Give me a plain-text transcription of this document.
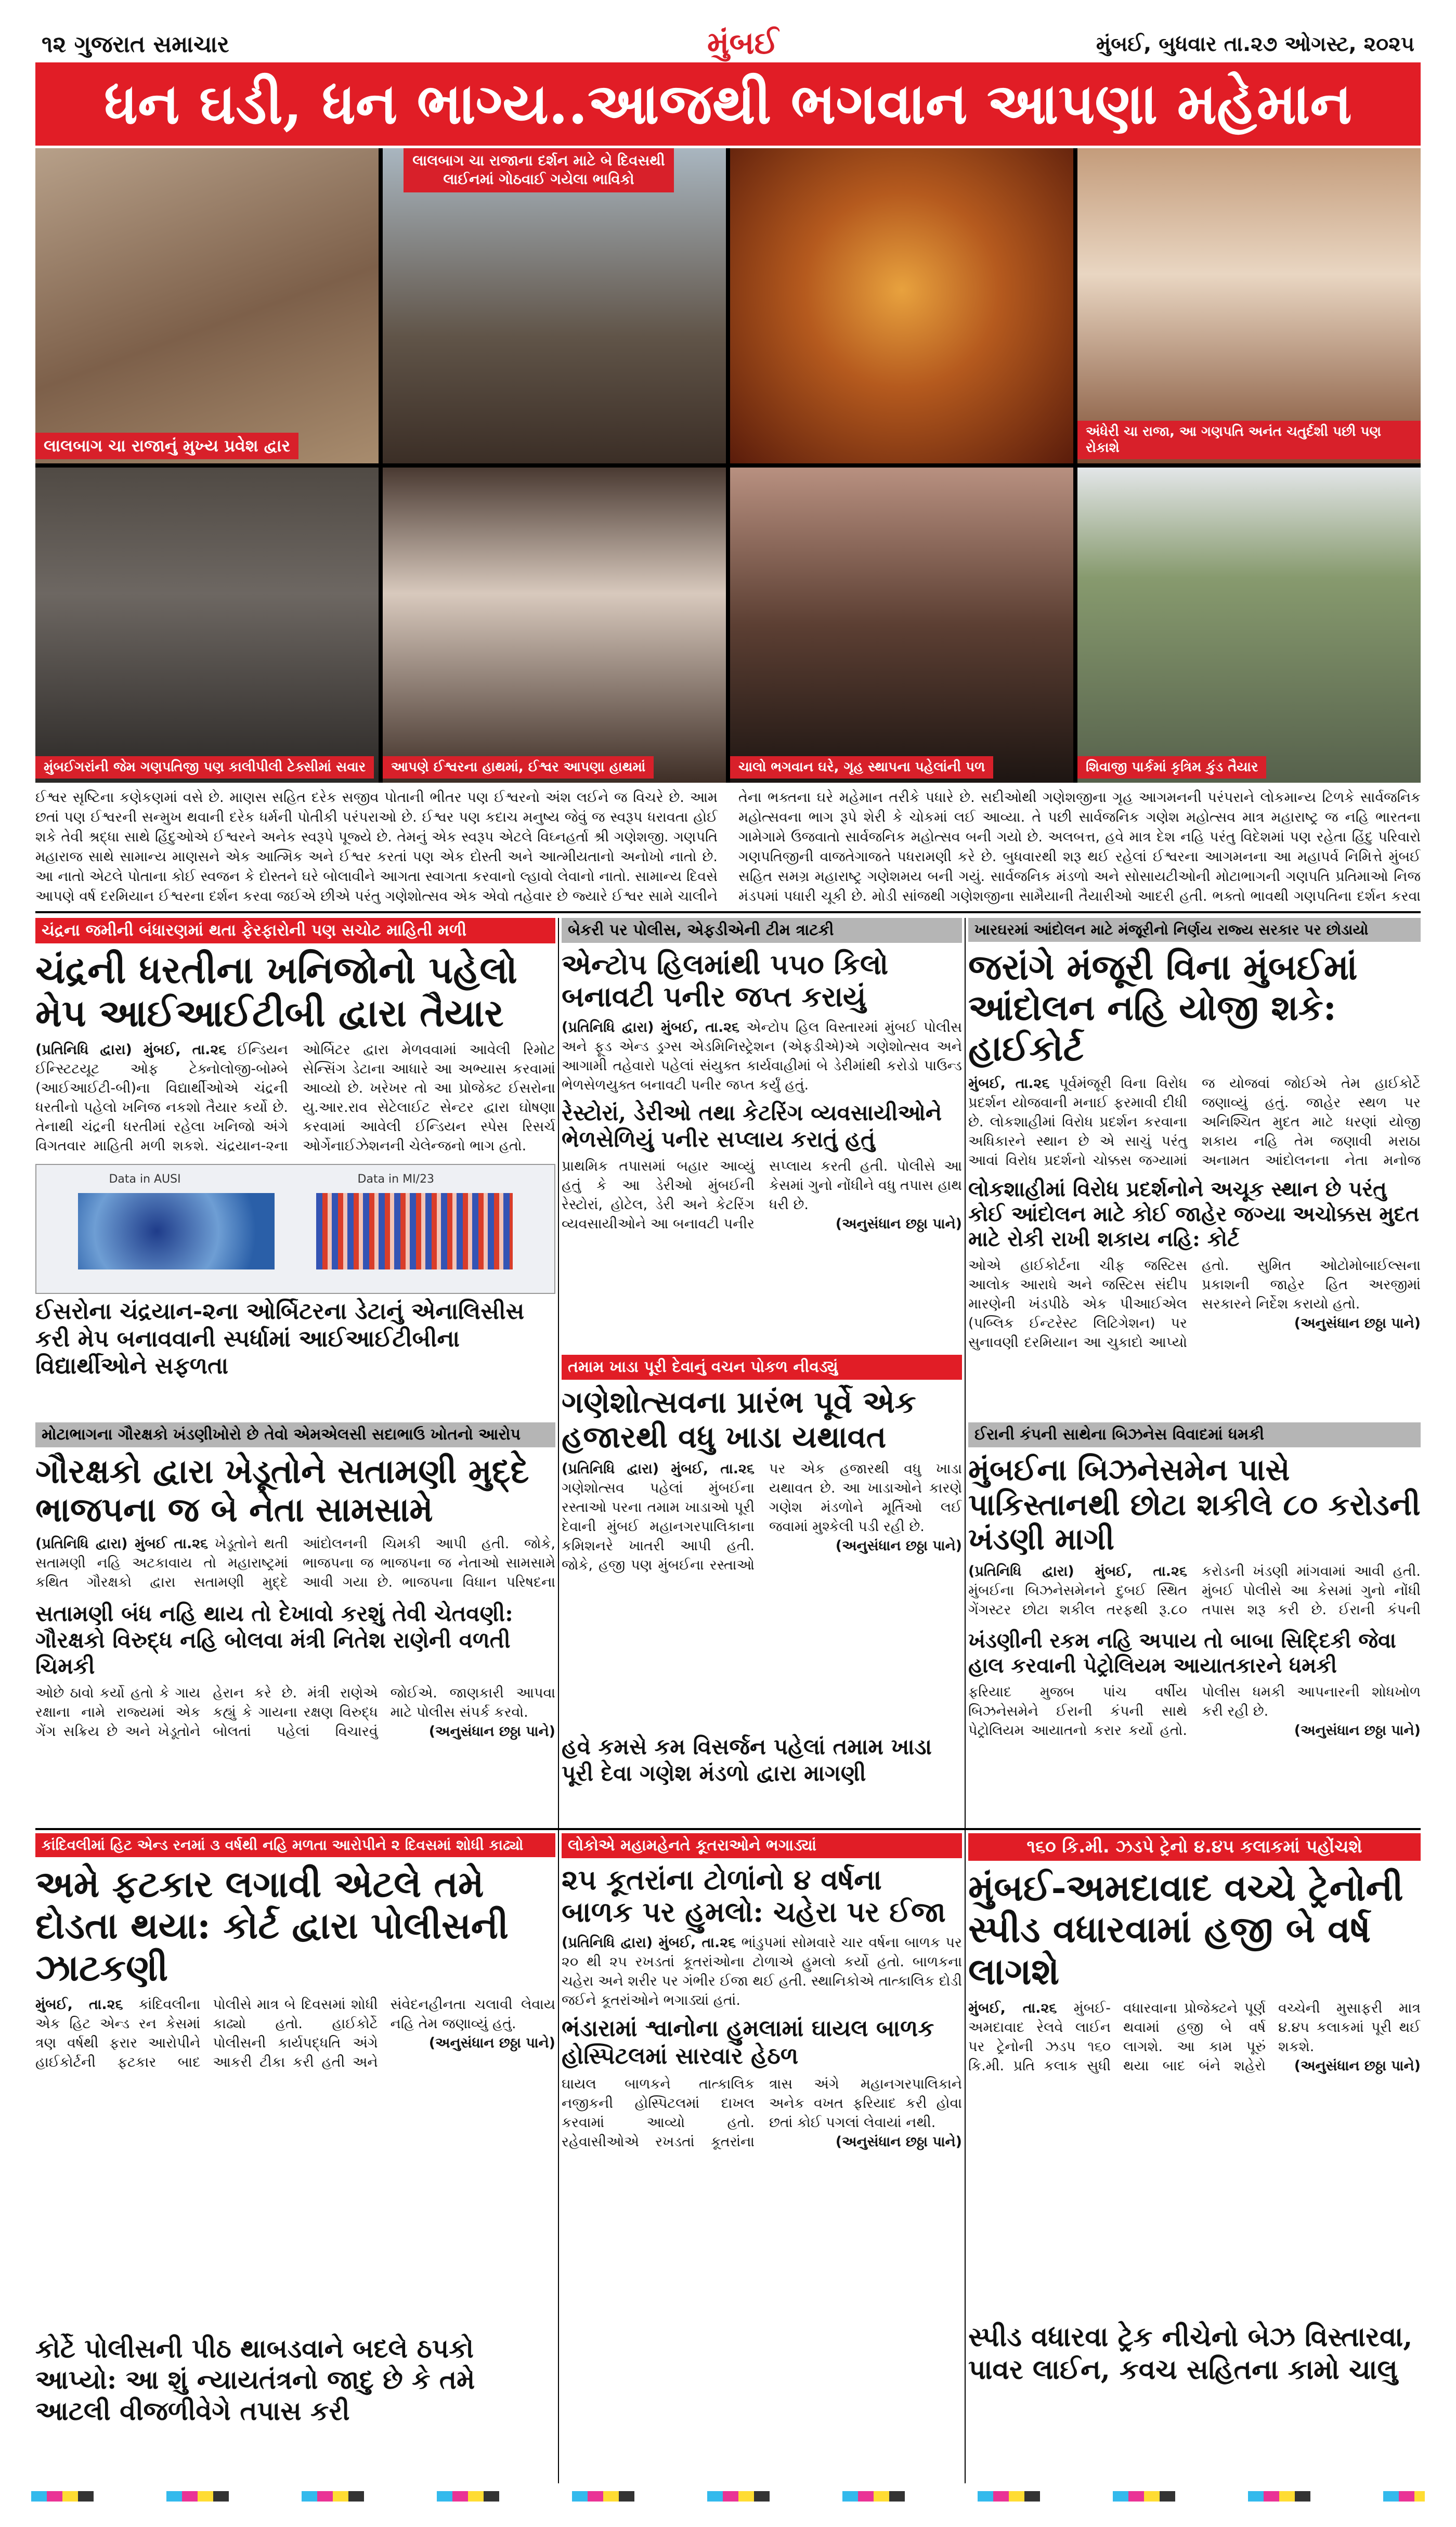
૧૨ ગુજરાત સમાચાર	મુંબઈ	મુંબઈ, બુધવાર તા.૨૭ ઓગસ્ટ, ૨૦૨૫
ધન ઘડી, ધન ભાગ્ય..આજથી ભગવાન આપણા મહેમાન
લાલબાગ ચા રાજાનું મુખ્ય પ્રવેશ દ્વાર
લાલબાગ ચા રાજાના દર્શન માટે બે દિવસથી લાઈનમાં ગોઠવાઈ ગયેલા ભાવિકો
અંધેરી ચા રાજા, આ ગણપતિ અનંત ચતુર્દશી પછી પણ રોકાશે
મુંબઈગરાંની જેમ ગણપતિજી પણ કાલીપીલી ટેક્સીમાં સવાર	આપણે ઈશ્વરના હાથમાં, ઈશ્વર આપણા હાથમાં	ચાલો ભગવાન ઘરે, ગૃહ સ્થાપના પહેલાંની પળ	શિવાજી પાર્કમાં કૃત્રિમ કુંડ તૈયાર
ઈશ્વર સૃષ્ટિના કણેકણમાં વસે છે. માણસ સહિત દરેક સજીવ પોતાની ભીતર પણ ઈશ્વરનો અંશ લઈને જ વિચરે છે. આમ છતાં પણ ઈશ્વરની સન્મુખ થવાની દરેક ધર્મની પોતીકી પરંપરાઓ છે. ઈશ્વર પણ કદાચ મનુષ્ય જેવું જ સ્વરૂપ ધરાવતા હોઈ શકે તેવી શ્રદ્ધા સાથે હિંદુઓએ ઈશ્વરને અનેક સ્વરૂપે પૂજ્યે છે. તેમનું એક સ્વરૂપ એટલે વિઘ્નહર્તા શ્રી ગણેશજી. ગણપતિ મહારાજ સાથે સામાન્ય માણસને એક આત્મિક અને ઈશ્વર કરતાં પણ એક દોસ્તી અને આત્મીયતાનો અનોખો નાતો છે. આ નાતો એટલે પોતાના કોઈ સ્વજન કે દોસ્તને ઘરે બોલાવીને આગતા સ્વાગતા કરવાનો લ્હાવો લેવાનો નાતો. સામાન્ય દિવસે આપણે વર્ષ દરમિયાન ઈશ્વરના દર્શન કરવા જઈએ છીએ પરંતુ ગણેશોત્સવ એક એવો તહેવાર છે જ્યારે ઈશ્વર સામે ચાલીને તેના ભક્તના ઘરે મહેમાન તરીકે પધારે છે. સદીઓથી ગણેશજીના ગૃહ આગમનની પરંપરાને લોકમાન્ય ટિળકે સાર્વજનિક મહોત્સવના ભાગ રૂપે શેરી કે ચોકમાં લઈ આવ્યા. તે પછી સાર્વજનિક ગણેશ મહોત્સવ માત્ર મહારાષ્ટ્ર જ નહિ ભારતના ગામેગામે ઉજવાતો સાર્વજનિક મહોત્સવ બની ગયો છે. અલબત્ત, હવે માત્ર દેશ નહિ પરંતુ વિદેશમાં પણ રહેતા હિંદુ પરિવારો ગણપતિજીની વાજતેગાજતે પધરામણી કરે છે. બુધવારથી શરૂ થઈ રહેલાં ઈશ્વરના આગમનના આ મહાપર્વ નિમિત્તે મુંબઈ સહિત સમગ્ર મહારાષ્ટ્ર ગણેશમય બની ગયું. સાર્વજનિક મંડળો અને સોસાયટીઓની મોટાભાગની ગણપતિ પ્રતિમાઓ નિજ મંડપમાં પધારી ચૂકી છે. મોડી સાંજથી ગણેશજીના સામૈયાની તૈયારીઓ આદરી હતી. ભક્તો ભાવથી ગણપતિના દર્શન કરવા
ચંદ્રના જમીની બંધારણમાં થતા ફેરફારોની પણ સચોટ માહિતી મળી
ચંદ્રની ધરતીના ખનિજોનો પહેલો મેપ આઈઆઈટીબી દ્વારા તૈયાર
(પ્રતિનિધિ દ્વારા) મુંબઈ, તા.૨૬ ઈન્ડિયન ઈન્સ્ટિટયૂટ ઓફ ટેક્નોલોજી-બોમ્બે (આઈઆઈટી-બી)ના વિદ્યાર્થીઓએ ચંદ્રની ધરતીનો પહેલો ખનિજ નકશો તૈયાર કર્યો છે. તેનાથી ચંદ્રની ધરતીમાં રહેલા ખનિજો અંગે વિગતવાર માહિતી મળી શકશે. ચંદ્રયાન-૨ના ઓર્બિટર દ્વારા મેળવવામાં આવેલી રિમોટ સેન્સિંગ ડેટાના આધારે આ અભ્યાસ કરવામાં આવ્યો છે. ખરેખર તો આ પ્રોજેક્ટ ઈસરોના યુ.આર.રાવ સેટેલાઈટ સેન્ટર દ્વારા ઘોષણા કરવામાં આવેલી ઈન્ડિયન સ્પેસ રિસર્ચ ઓર્ગેનાઈઝેશનની ચેલેન્જનો ભાગ હતો.
Data in AUSI	Data in MI/23
ઈસરોના ચંદ્રયાન-૨ના ઓર્બિટરના ડેટાનું એનાલિસીસ કરી મેપ બનાવવાની સ્પર્ધામાં આઈઆઈટીબીના વિદ્યાર્થીઓને સફળતા
બેકરી પર પોલીસ, એફડીએની ટીમ ત્રાટકી
એન્ટોપ હિલમાંથી ૫૫૦ કિલો બનાવટી પનીર જપ્ત કરાયું
(પ્રતિનિધિ દ્વારા) મુંબઈ, તા.૨૬ એન્ટોપ હિલ વિસ્તારમાં મુંબઈ પોલીસ અને ફૂડ એન્ડ ડ્રગ્સ એડમિનિસ્ટ્રેશન (એફડીએ)એ ગણેશોત્સવ અને આગામી તહેવારો પહેલાં સંયુક્ત કાર્યવાહીમાં બે ડેરીમાંથી કરોડો પાઉન્ડ ભેળસેળયુક્ત બનાવટી પનીર જપ્ત કર્યું હતું.
રેસ્ટોરાં, ડેરીઓ તથા કેટરિંગ વ્યવસાયીઓને ભેળસેળિયું પનીર સપ્લાય કરાતું હતું
પ્રાથમિક તપાસમાં બહાર આવ્યું હતું કે આ ડેરીઓ મુંબઈની રેસ્ટોરાં, હોટેલ, ડેરી અને કેટરિંગ વ્યવસાયીઓને આ બનાવટી પનીર સપ્લાય કરતી હતી. પોલીસે આ કેસમાં ગુનો નોંધીને વધુ તપાસ હાથ ધરી છે.
(અનુસંધાન છઠ્ઠા પાને)
ખારઘરમાં આંદોલન માટે મંજૂરીનો નિર્ણય રાજ્ય સરકાર પર છોડાયો
જરાંગે મંજૂરી વિના મુંબઈમાં આંદોલન નહિ યોજી શકે: હાઈકોર્ટ
મુંબઈ, તા.૨૬ પૂર્વમંજૂરી વિના વિરોધ પ્રદર્શન યોજવાની મનાઈ ફરમાવી દીધી છે. લોકશાહીમાં વિરોધ પ્રદર્શન કરવાના અધિકારને સ્થાન છે એ સાચું પરંતુ આવાં વિરોધ પ્રદર્શનો ચોક્કસ જગ્યામાં જ યોજવાં જોઈએ તેમ હાઈકોર્ટે જણાવ્યું હતું. જાહેર સ્થળ પર અનિશ્ચિત મુદત માટે ધરણાં યોજી શકાય નહિ તેમ જણાવી મરાઠા અનામત આંદોલનના નેતા મનોજ
લોકશાહીમાં વિરોધ પ્રદર્શનોને અચૂક સ્થાન છે પરંતુ કોઈ આંદોલન માટે કોઈ જાહેર જગ્યા અચોક્કસ મુદત માટે રોકી રાખી શકાય નહિ: કોર્ટ
ઓએ હાઈકોર્ટના ચીફ જસ્ટિસ આલોક આરાધે અને જસ્ટિસ સંદીપ મારણેની ખંડપીઠે એક પીઆઈએલ (પબ્લિક ઈન્ટરેસ્ટ લિટિગેશન) પર સુનાવણી દરમિયાન આ ચુકાદો આપ્યો હતો. સુમિત ઓટોમોબાઈલ્સના પ્રકાશની જાહેર હિત અરજીમાં સરકારને નિર્દેશ કરાયો હતો.
(અનુસંધાન છઠ્ઠા પાને)
તમામ ખાડા પૂરી દેવાનું વચન પોકળ નીવડ્યું
ગણેશોત્સવના પ્રારંભ પૂર્વે એક હજારથી વધુ ખાડા યથાવત
(પ્રતિનિધિ દ્વારા) મુંબઈ, તા.૨૬ ગણેશોત્સવ પહેલાં મુંબઈના રસ્તાઓ પરના તમામ ખાડાઓ પૂરી દેવાની મુંબઈ મહાનગરપાલિકાના કમિશનરે ખાતરી આપી હતી. જોકે, હજી પણ મુંબઈના રસ્તાઓ પર એક હજારથી વધુ ખાડા યથાવત છે. આ ખાડાઓને કારણે ગણેશ મંડળોને મૂર્તિઓ લઈ જવામાં મુશ્કેલી પડી રહી છે.
(અનુસંધાન છઠ્ઠા પાને)
હવે કમસે કમ વિસર્જન પહેલાં તમામ ખાડા પૂરી દેવા ગણેશ મંડળો દ્વારા માગણી
મોટાભાગના ગૌરક્ષકો ખંડણીખોરો છે તેવો એમએલસી સદાભાઉ ખોતનો આરોપ
ગૌરક્ષકો દ્વારા ખેડૂતોને સતામણી મુદ્દે ભાજપના જ બે નેતા સામસામે
(પ્રતિનિધિ દ્વારા) મુંબઈ તા.૨૬ ખેડૂતોને થતી સતામણી નહિ અટકાવાય તો મહારાષ્ટ્રમાં કથિત ગૌરક્ષકો દ્વારા સતામણી મુદ્દે આંદોલનની ચિમકી આપી હતી. જોકે, ભાજપના જ ભાજપના જ નેતાઓ સામસામે આવી ગયા છે. ભાજપના વિધાન પરિષદના
સતામણી બંધ નહિ થાય તો દેખાવો કરશું તેવી ચેતવણી: ગૌરક્ષકો વિરુદ્ધ નહિ બોલવા મંત્રી નિતેશ રાણેની વળતી ચિમકી
ઓછે ઠાવો કર્યો હતો કે ગાય રક્ષાના નામે રાજ્યમાં એક ગેંગ સક્રિય છે અને ખેડૂતોને હેરાન કરે છે. મંત્રી રાણેએ કહ્યું કે ગાયના રક્ષણ વિરુદ્ધ બોલતાં પહેલાં વિચારવું જોઈએ. જાણકારી આપવા માટે પોલીસ સંપર્ક કરવો.
(અનુસંધાન છઠ્ઠા પાને)
ઈરાની કંપની સાથેના બિઝનેસ વિવાદમાં ધમકી
મુંબઈના બિઝનેસમેન પાસે પાકિસ્તાનથી છોટા શકીલે ૮૦ કરોડની ખંડણી માગી
(પ્રતિનિધિ દ્વારા) મુંબઈ, તા.૨૬ મુંબઈના બિઝનેસમેનને દુબઈ સ્થિત ગેંગસ્ટર છોટા શકીલ તરફથી રૂ.૮૦ કરોડની ખંડણી માંગવામાં આવી હતી. મુંબઈ પોલીસે આ કેસમાં ગુનો નોંધી તપાસ શરૂ કરી છે. ઈરાની કંપની
ખંડણીની રકમ નહિ અપાય તો બાબા સિદ્દિકી જેવા હાલ કરવાની પેટ્રોલિયમ આયાતકારને ધમકી
ફરિયાદ મુજબ પાંચ વર્ષીય બિઝનેસમેને ઈરાની કંપની સાથે પેટ્રોલિયમ આયાતનો કરાર કર્યો હતો. પોલીસ ધમકી આપનારની શોધખોળ કરી રહી છે.
(અનુસંધાન છઠ્ઠા પાને)
કાંદિવલીમાં હિટ એન્ડ રનમાં ૩ વર્ષથી નહિ મળતા આરોપીને ૨ દિવસમાં શોધી કાઢ્યો
અમે ફટકાર લગાવી એટલે તમે દોડતા થયા: કોર્ટ દ્વારા પોલીસની ઝાટકણી
મુંબઈ, તા.૨૬ કાંદિવલીના એક હિટ એન્ડ રન કેસમાં ત્રણ વર્ષથી ફરાર આરોપીને હાઈકોર્ટની ફટકાર બાદ પોલીસે માત્ર બે દિવસમાં શોધી કાઢ્યો હતો. હાઈકોર્ટે પોલીસની કાર્યપદ્ધતિ અંગે આકરી ટીકા કરી હતી અને સંવેદનહીનતા ચલાવી લેવાય નહિ તેમ જણાવ્યું હતું.
(અનુસંધાન છઠ્ઠા પાને)
કોર્ટે પોલીસની પીઠ થાબડવાને બદલે ઠપકો આપ્યો: આ શું ન્યાયતંત્રનો જાદુ છે કે તમે આટલી વીજળીવેગે તપાસ કરી
લોકોએ મહામહેનતે કૂતરાઓને ભગાડ્યાં
૨૫ કૂતરાંના ટોળાંનો ૪ વર્ષના બાળક પર હુમલો: ચહેરા પર ઈજા
(પ્રતિનિધિ દ્વારા) મુંબઈ, તા.૨૬ ભાંડુપમાં સોમવારે ચાર વર્ષના બાળક પર ૨૦ થી ૨૫ રખડતાં કૂતરાંઓના ટોળાએ હુમલો કર્યો હતો. બાળકના ચહેરા અને શરીર પર ગંભીર ઈજા થઈ હતી. સ્થાનિકોએ તાત્કાલિક દોડી જઈને કૂતરાંઓને ભગાડ્યાં હતાં.
ભંડારામાં શ્વાનોના હુમલામાં ઘાયલ બાળક હોસ્પિટલમાં સારવાર હેઠળ
ઘાયલ બાળકને તાત્કાલિક નજીકની હોસ્પિટલમાં દાખલ કરવામાં આવ્યો હતો. રહેવાસીઓએ રખડતાં કૂતરાંના ત્રાસ અંગે મહાનગરપાલિકાને અનેક વખત ફરિયાદ કરી હોવા છતાં કોઈ પગલાં લેવાયાં નથી.
(અનુસંધાન છઠ્ઠા પાને)
૧૬૦ કિ.મી. ઝડપે ટ્રેનો ૪.૪૫ કલાકમાં પહોંચશે
મુંબઈ-અમદાવાદ વચ્ચે ટ્રેનોની સ્પીડ વધારવામાં હજી બે વર્ષ લાગશે
મુંબઈ, તા.૨૬ મુંબઈ-અમદાવાદ રેલવે લાઈન પર ટ્રેનોની ઝડપ ૧૬૦ કિ.મી. પ્રતિ કલાક સુધી વધારવાના પ્રોજેક્ટને પૂર્ણ થવામાં હજી બે વર્ષ લાગશે. આ કામ પૂરું થયા બાદ બંને શહેરો વચ્ચેની મુસાફરી માત્ર ૪.૪૫ કલાકમાં પૂરી થઈ શકશે.
(અનુસંધાન છઠ્ઠા પાને)
સ્પીડ વધારવા ટ્રેક નીચેનો બેઝ વિસ્તારવા, પાવર લાઈન, કવચ સહિતના કામો ચાલુ
